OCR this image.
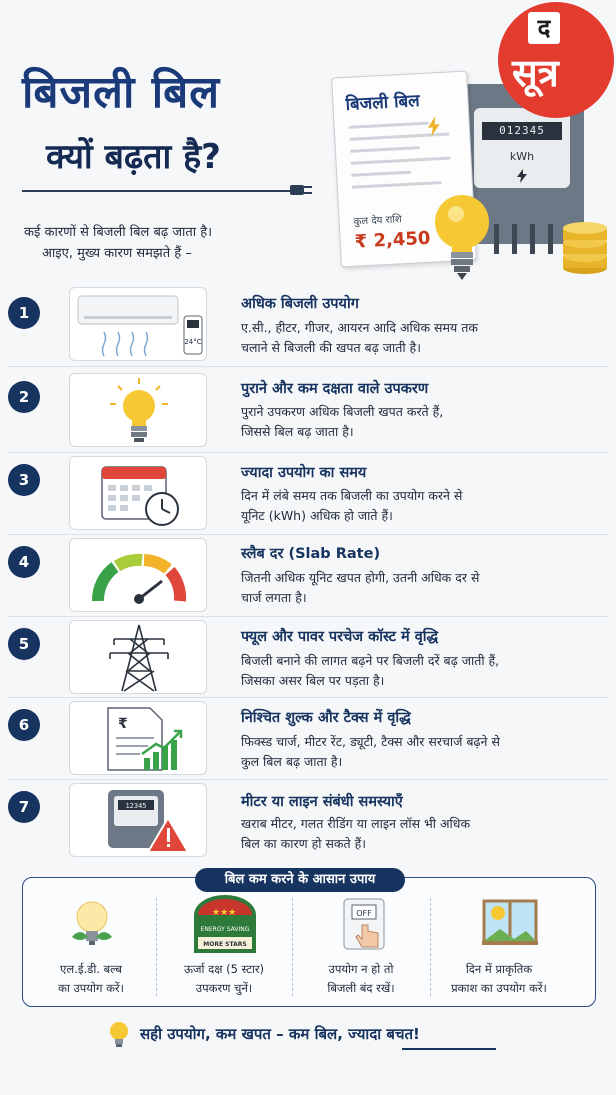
बिजली बिल
क्यों बढ़ता है?
कई कारणों से बिजली बिल बढ़ जाता है।
आइए, मुख्य कारण समझते हैं –
012345
kWh
बिजली बिल
कुल देय राशि
₹ 2,450
द
सूत्र
1
24°C
अधिक बिजली उपयोग
ए.सी., हीटर, गीजर, आयरन आदि अधिक समय तक
चलाने से बिजली की खपत बढ़ जाती है।
2	पुराने और कम दक्षता वाले उपकरण
पुराने उपकरण अधिक बिजली खपत करते हैं,
जिससे बिल बढ़ जाता है।
3	ज्यादा उपयोग का समय
दिन में लंबे समय तक बिजली का उपयोग करने से
यूनिट (kWh) अधिक हो जाते हैं।
4	स्लैब दर (Slab Rate)
जितनी अधिक यूनिट खपत होगी, उतनी अधिक दर से
चार्ज लगता है।
5	फ्यूल और पावर परचेज कॉस्ट में वृद्धि
बिजली बनाने की लागत बढ़ने पर बिजली दरें बढ़ जाती हैं,
जिसका असर बिल पर पड़ता है।
6	₹	निश्चित शुल्क और टैक्स में वृद्धि
फिक्स्ड चार्ज, मीटर रेंट, ड्यूटी, टैक्स और सरचार्ज बढ़ने से
कुल बिल बढ़ जाता है।
7	12345	मीटर या लाइन संबंधी समस्याएँ
खराब मीटर, गलत रीडिंग या लाइन लॉस भी अधिक
बिल का कारण हो सकते हैं।
बिल कम करने के आसान उपाय
एल.ई.डी. बल्ब
का उपयोग करें।
★★★
ENERGY SAVING
MORE STARS
ऊर्जा दक्ष (5 स्टार)
उपकरण चुनें।
OFF
उपयोग न हो तो
बिजली बंद रखें।
दिन में प्राकृतिक
प्रकाश का उपयोग करें।
सही उपयोग, कम खपत – कम बिल, ज्यादा बचत!
